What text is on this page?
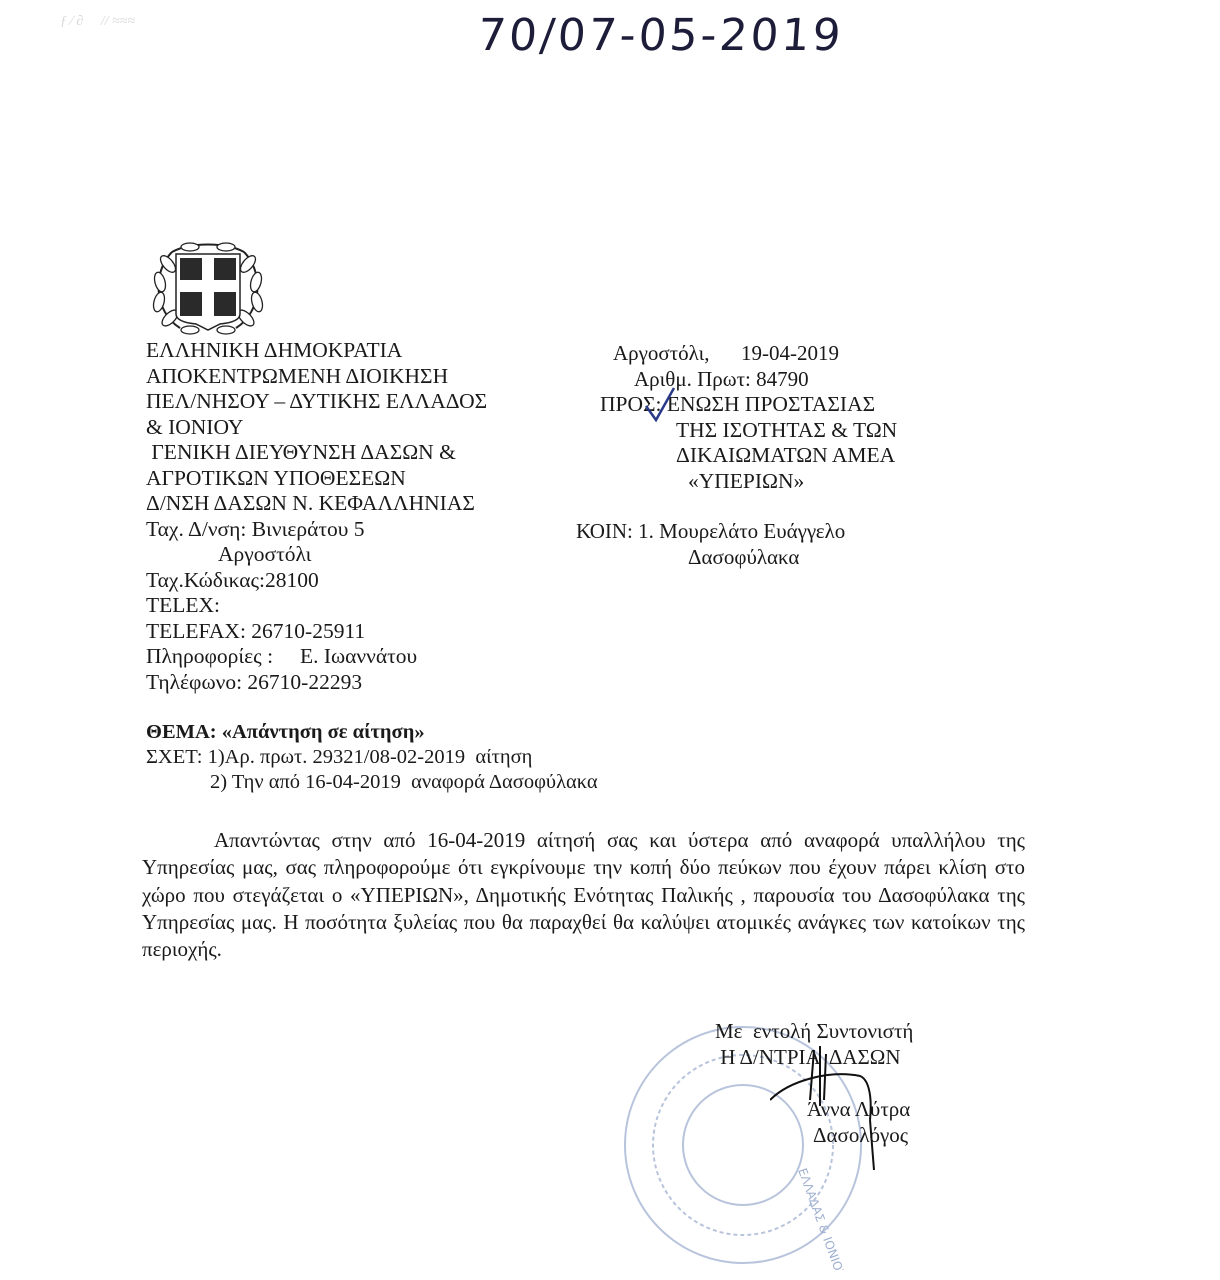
ƒ ∕ ∂     // ≈≈≈	70/07-05-2019
ΕΛΛΗΝΙΚΗ ΔΗΜΟΚΡΑΤΙΑ
ΑΠΟΚΕΝΤΡΩΜΕΝΗ ΔΙΟΙΚΗΣΗ
ΠΕΛ/ΝΗΣΟΥ – ΔΥΤΙΚΗΣ ΕΛΛΑΔΟΣ
& ΙΟΝΙΟΥ
ΓΕΝΙΚΗ ΔΙΕΥΘΥΝΣΗ ΔΑΣΩΝ &
ΑΓΡΟΤΙΚΩΝ ΥΠΟΘΕΣΕΩΝ
Δ/ΝΣΗ ΔΑΣΩΝ Ν. ΚΕΦΑΛΛΗΝΙΑΣ
Ταχ. Δ/νση: Βινιεράτου 5
Αργοστόλι
Ταχ.Κώδικας:28100
TELEX:
TELEFAX: 26710-25911
Πληροφορίες : Ε. Ιωαννάτου
Τηλέφωνο: 26710-22293
Αργοστόλι, 19-04-2019
Αριθμ. Πρωτ: 84790
ΠΡΟΣ: ΕΝΩΣΗ ΠΡΟΣΤΑΣΙΑΣ
ΤΗΣ ΙΣΟΤΗΤΑΣ & ΤΩΝ
ΔΙΚΑΙΩΜΑΤΩΝ ΑΜΕΑ
«ΥΠΕΡΙΩΝ»
ΚΟΙΝ: 1. Μουρελάτο Ευάγγελο
Δασοφύλακα
ΘΕΜΑ: «Απάντηση σε αίτηση»
ΣΧΕΤ: 1)Αρ. πρωτ. 29321/08-02-2019  αίτηση
2) Την από 16-04-2019  αναφορά Δασοφύλακα
Απαντώντας στην από 16-04-2019 αίτησή σας και ύστερα από αναφορά υπαλλήλου της Υπηρεσίας μας, σας πληροφορούμε ότι εγκρίνουμε την κοπή δύο πεύκων που έχουν πάρει κλίση στο χώρο που στεγάζεται ο «ΥΠΕΡΙΩΝ», Δημοτικής Ενότητας Παλικής , παρουσία του Δασοφύλακα της Υπηρεσίας μας. Η ποσότητα ξυλείας που θα παραχθεί θα καλύψει ατομικές ανάγκες των κατοίκων της περιοχής.
ΕΛΛΑΔΑΣ & ΙΟΝΙΟΥ
Με  εντολή Συντονιστή
Η Δ/ΝΤΡΙΑ  ΔΑΣΩΝ
Άννα Λύτρα
Δασολόγος
